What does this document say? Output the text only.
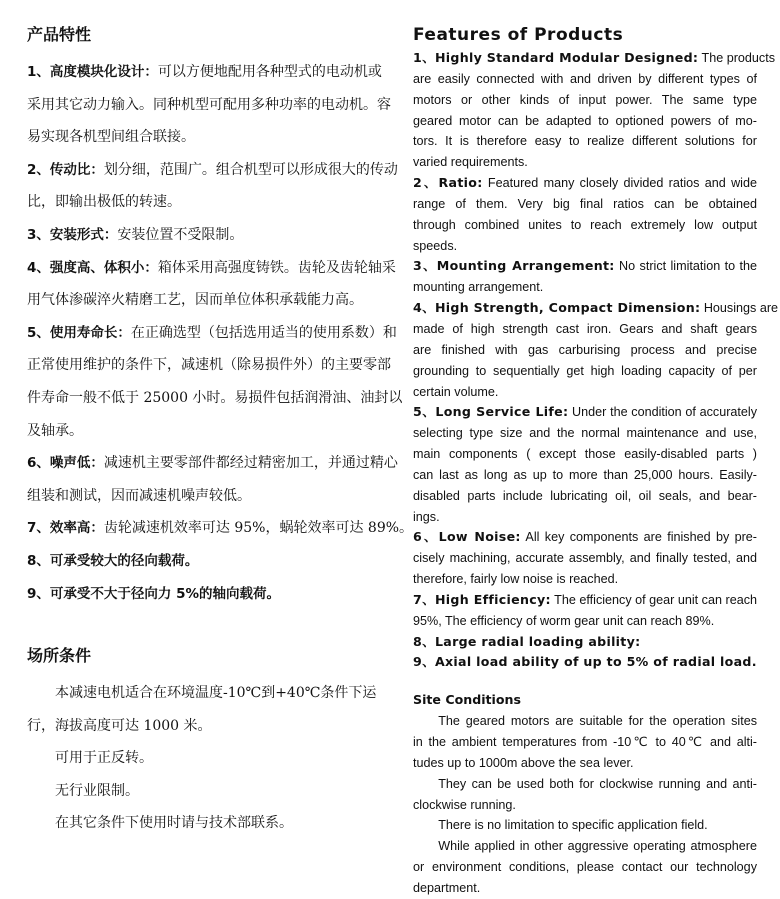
产品特性
1、高度模块化设计：可以方便地配用各种型式的电动机或
采用其它动力输入。同种机型可配用多种功率的电动机。容
易实现各机型间组合联接。
2、传动比：划分细，范围广。组合机型可以形成很大的传动
比，即输出极低的转速。
3、安装形式：安装位置不受限制。
4、强度高、体积小：箱体采用高强度铸铁。齿轮及齿轮轴采
用气体渗碳淬火精磨工艺，因而单位体积承载能力高。
5、使用寿命长：在正确选型（包括选用适当的使用系数）和
正常使用维护的条件下，减速机（除易损件外）的主要零部
件寿命一般不低于 25000 小时。易损件包括润滑油、油封以
及轴承。
6、噪声低：减速机主要零部件都经过精密加工，并通过精心
组装和测试，因而减速机噪声较低。
7、效率高：齿轮减速机效率可达 95%，蜗轮效率可达 89%。
8、可承受较大的径向载荷。
9、可承受不大于径向力 5%的轴向载荷。
场所条件
本减速电机适合在环境温度-10℃到+40℃条件下运
行，海拔高度可达 1000 米。
可用于正反转。
无行业限制。
在其它条件下使用时请与技术部联系。
Features of Products
1、Highly Standard Modular Designed: The products
are easily connected with and driven by different types of
motors or other kinds of input power. The same type
geared motor can be adapted to optioned powers of mo-
tors. It is therefore easy to realize different solutions for
varied requirements.
2、Ratio: Featured many closely divided ratios and wide
range of them. Very big final ratios can be obtained
through combined unites to reach extremely low output
speeds.
3、Mounting Arrangement: No strict limitation to the
mounting arrangement.
4、High Strength, Compact Dimension: Housings are
made of high strength cast iron. Gears and shaft gears
are finished with gas carburising process and precise
grounding to sequentially get high loading capacity of per
certain volume.
5、Long Service Life: Under the condition of accurately
selecting type size and the normal maintenance and use,
main components ( except those easily-disabled parts )
can last as long as up to more than 25,000 hours. Easily-
disabled parts include lubricating oil, oil seals, and bear-
ings.
6、Low Noise: All key components are finished by pre-
cisely machining, accurate assembly, and finally tested, and
therefore, fairly low noise is reached.
7、High Efficiency: The efficiency of gear unit can reach
95%, The efficiency of worm gear unit can reach 89%.
8、Large radial loading ability:
9、Axial load ability of up to 5% of radial load.
Site Conditions
The geared motors are suitable for the operation sites
in the ambient temperatures from -10℃ to 40℃ and alti-
tudes up to 1000m above the sea lever.
They can be used both for clockwise running and anti-
clockwise running.
There is no limitation to specific application field.
While applied in other aggressive operating atmosphere
or environment conditions, please contact our technology
department.
